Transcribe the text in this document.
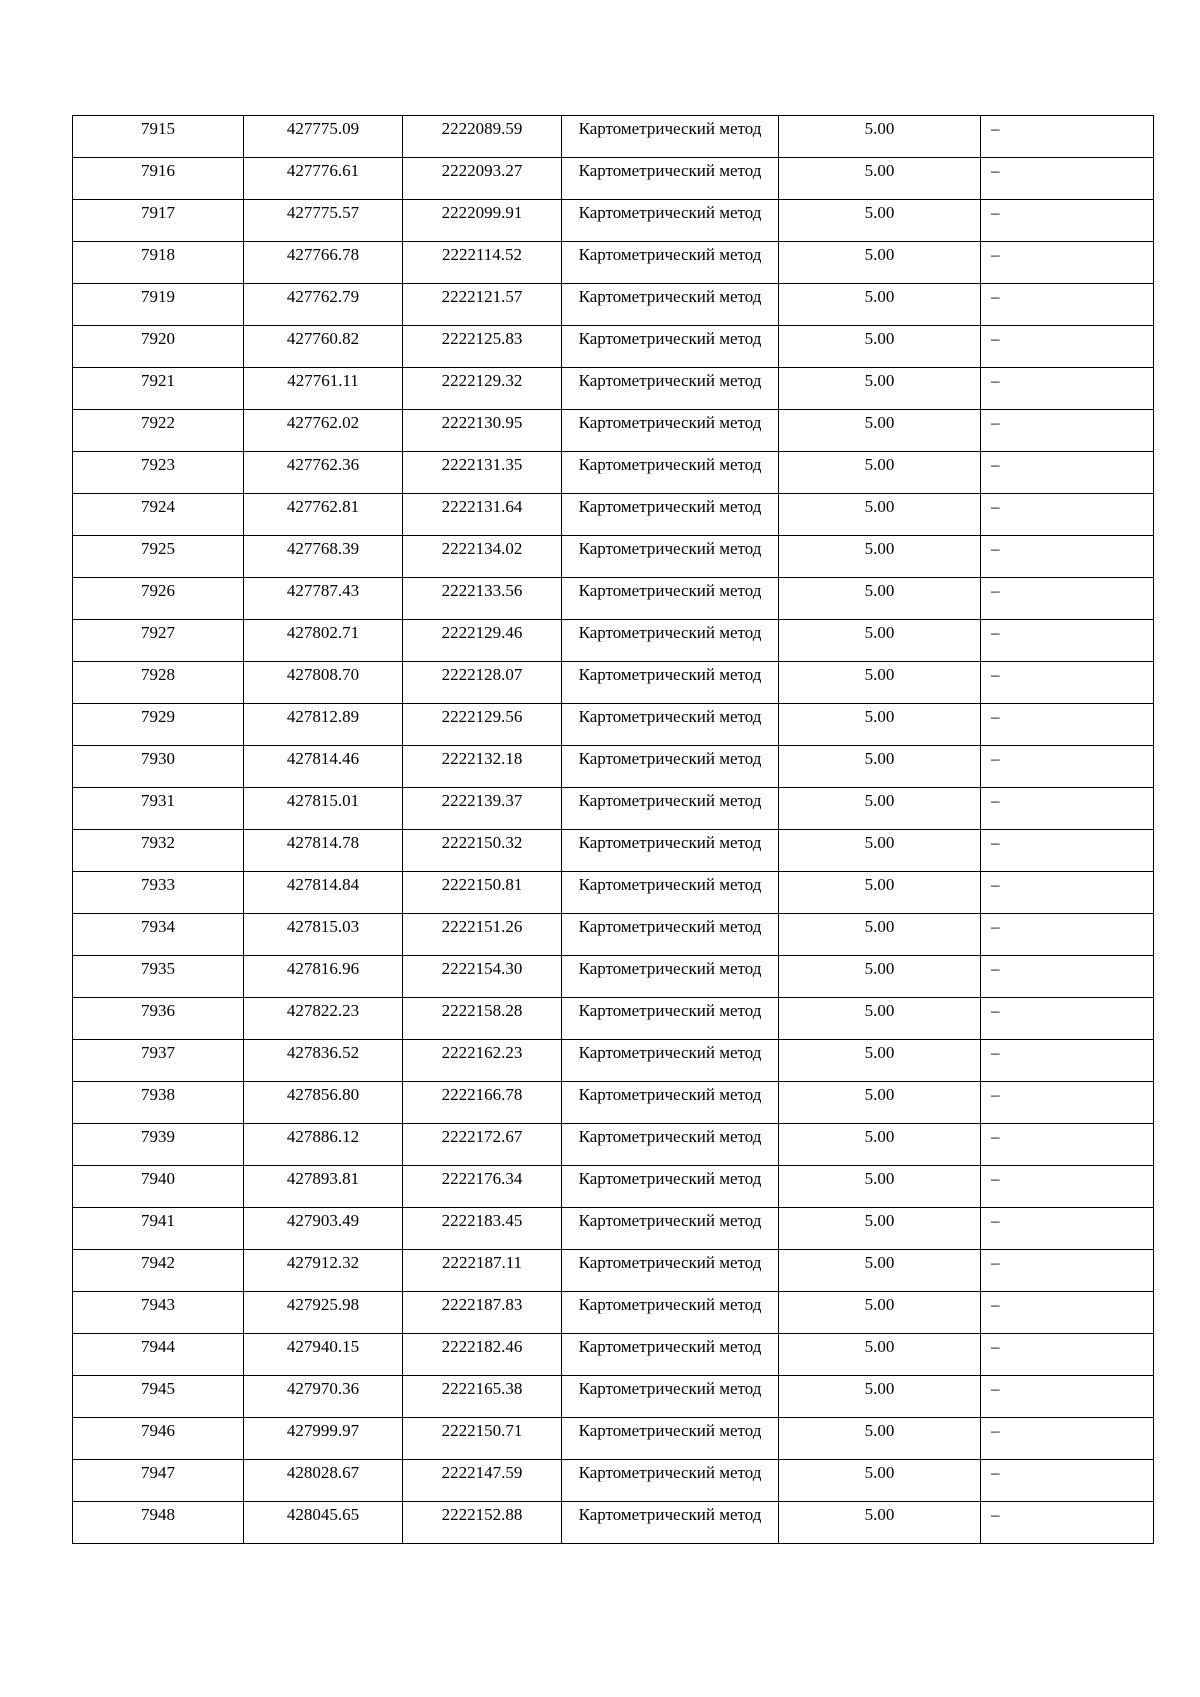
7915	427775.09	2222089.59	Картометрический метод	5.00	–
7916	427776.61	2222093.27	Картометрический метод	5.00	–
7917	427775.57	2222099.91	Картометрический метод	5.00	–
7918	427766.78	2222114.52	Картометрический метод	5.00	–
7919	427762.79	2222121.57	Картометрический метод	5.00	–
7920	427760.82	2222125.83	Картометрический метод	5.00	–
7921	427761.11	2222129.32	Картометрический метод	5.00	–
7922	427762.02	2222130.95	Картометрический метод	5.00	–
7923	427762.36	2222131.35	Картометрический метод	5.00	–
7924	427762.81	2222131.64	Картометрический метод	5.00	–
7925	427768.39	2222134.02	Картометрический метод	5.00	–
7926	427787.43	2222133.56	Картометрический метод	5.00	–
7927	427802.71	2222129.46	Картометрический метод	5.00	–
7928	427808.70	2222128.07	Картометрический метод	5.00	–
7929	427812.89	2222129.56	Картометрический метод	5.00	–
7930	427814.46	2222132.18	Картометрический метод	5.00	–
7931	427815.01	2222139.37	Картометрический метод	5.00	–
7932	427814.78	2222150.32	Картометрический метод	5.00	–
7933	427814.84	2222150.81	Картометрический метод	5.00	–
7934	427815.03	2222151.26	Картометрический метод	5.00	–
7935	427816.96	2222154.30	Картометрический метод	5.00	–
7936	427822.23	2222158.28	Картометрический метод	5.00	–
7937	427836.52	2222162.23	Картометрический метод	5.00	–
7938	427856.80	2222166.78	Картометрический метод	5.00	–
7939	427886.12	2222172.67	Картометрический метод	5.00	–
7940	427893.81	2222176.34	Картометрический метод	5.00	–
7941	427903.49	2222183.45	Картометрический метод	5.00	–
7942	427912.32	2222187.11	Картометрический метод	5.00	–
7943	427925.98	2222187.83	Картометрический метод	5.00	–
7944	427940.15	2222182.46	Картометрический метод	5.00	–
7945	427970.36	2222165.38	Картометрический метод	5.00	–
7946	427999.97	2222150.71	Картометрический метод	5.00	–
7947	428028.67	2222147.59	Картометрический метод	5.00	–
7948	428045.65	2222152.88	Картометрический метод	5.00	–
